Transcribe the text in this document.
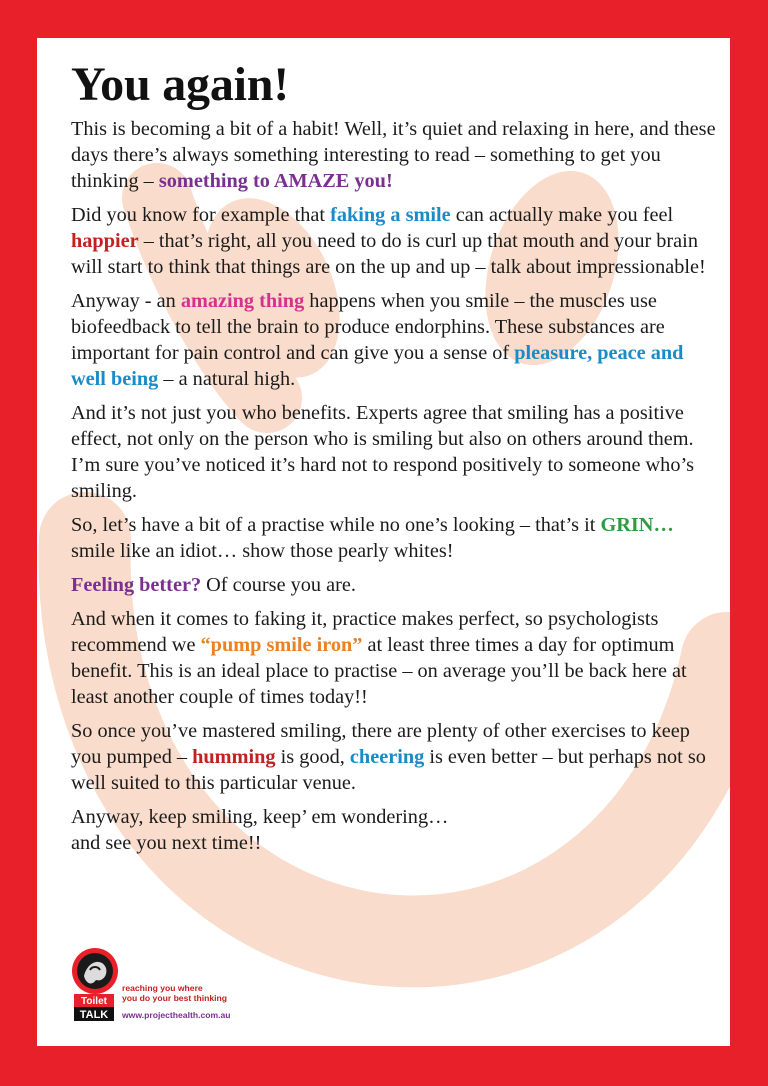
You again!

This is becoming a bit of a habit! Well, it’s quiet and relaxing in here, and these days there’s always something interesting to read – something to get you thinking – something to AMAZE you!

Did you know for example that faking a smile can actually make you feel happier – that’s right, all you need to do is curl up that mouth and your brain will start to think that things are on the up and up – talk about impressionable!

Anyway - an amazing thing happens when you smile – the muscles use biofeedback to tell the brain to produce endorphins. These substances are important for pain control and can give you a sense of pleasure, peace and well being – a natural high.

And it’s not just you who benefits. Experts agree that smiling has a positive effect, not only on the person who is smiling but also on others around them. I’m sure you’ve noticed it’s hard not to respond positively to someone who’s smiling.

So, let’s have a bit of a practise while no one’s looking – that’s it GRIN… smile like an idiot… show those pearly whites!

Feeling better? Of course you are.

And when it comes to faking it, practice makes perfect, so psychologists recommend we “pump smile iron” at least three times a day for optimum benefit. This is an ideal place to practise – on average you’ll be back here at least another couple of times today!!

So once you’ve mastered smiling, there are plenty of other exercises to keep you pumped – humming is good, cheering is even better – but perhaps not so well suited to this particular venue.

Anyway, keep smiling, keep’ em wondering…
and see you next time!!

Toilet
TALK
reaching you where
you do your best thinking
www.projecthealth.com.au
